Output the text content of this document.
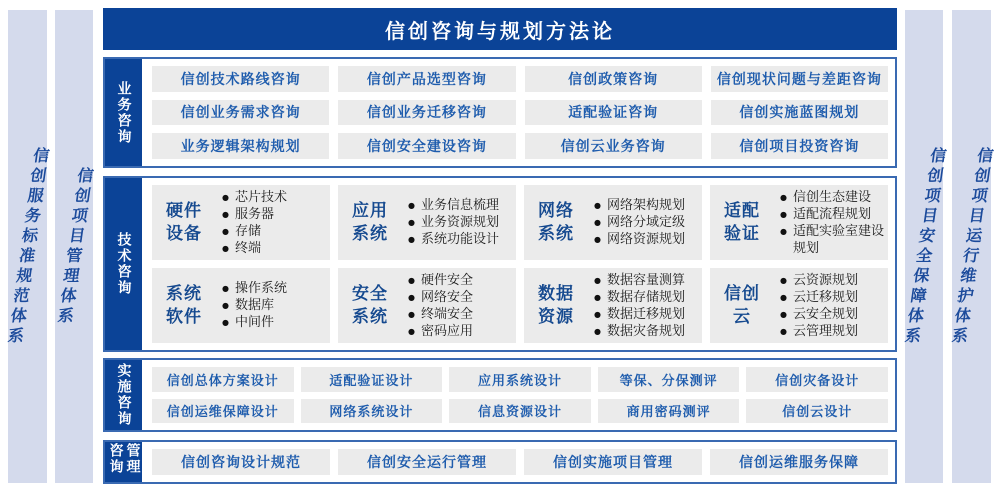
信创服务标准规范体系 信创项目管理体系
信创咨询与规划方法论
业务咨询
信创技术路线咨询	信创产品选型咨询	信创政策咨询	信创现状问题与差距咨询
信创业务需求咨询	信创业务迁移咨询	适配验证咨询	信创实施蓝图规划
业务逻辑架构规划	信创安全建设咨询	信创云业务咨询	信创项目投资咨询
技术咨询
硬件设备
● 芯片技术
● 服务器
● 存储
● 终端
应用系统
● 业务信息梳理
● 业务资源规划
● 系统功能设计
网络系统
● 网络架构规划
● 网络分域定级
● 网络资源规划
适配验证
● 信创生态建设
● 适配流程规划
● 适配实验室建设规划
系统软件
● 操作系统
● 数据库
● 中间件
安全系统
● 硬件安全
● 网络安全
● 终端安全
● 密码应用
数据资源
● 数据容量测算
● 数据存储规划
● 数据迁移规划
● 数据灾备规划
信创云
● 云资源规划
● 云迁移规划
● 云安全规划
● 云管理规划
实施咨询	信创总体方案设计	适配验证设计	应用系统设计	等保、分保测评	信创灾备设计
信创运维保障设计	网络系统设计	信息资源设计	商用密码测评	信创云设计
咨询管理	信创咨询设计规范	信创安全运行管理	信创实施项目管理	信创运维服务保障
信创项目安全保障体系 信创项目运行维护体系
